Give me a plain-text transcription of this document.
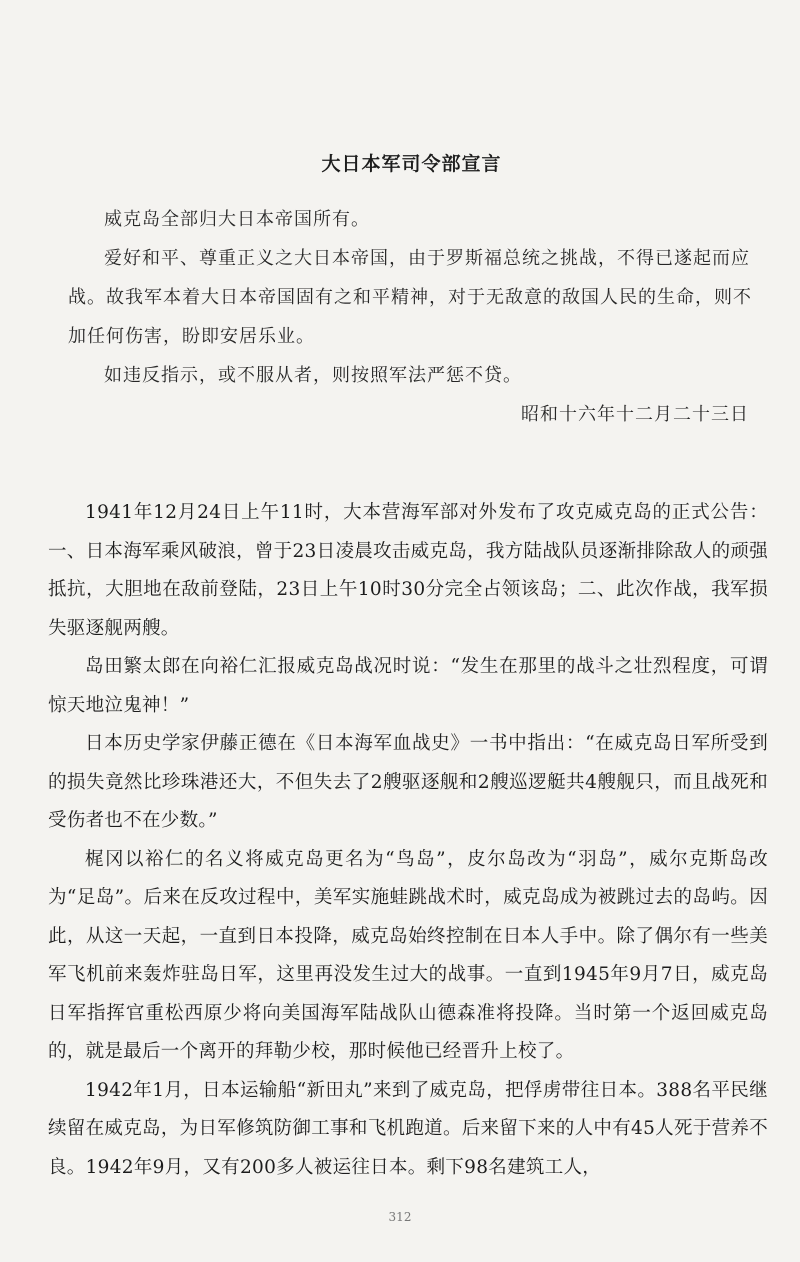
大日本军司令部宣言

威克岛全部归大日本帝国所有。

爱好和平、尊重正义之大日本帝国，由于罗斯福总统之挑战，不得已遂起而应战。故我军本着大日本帝国固有之和平精神，对于无敌意的敌国人民的生命，则不加任何伤害，盼即安居乐业。

如违反指示，或不服从者，则按照军法严惩不贷。

昭和十六年十二月二十三日

1941年12月24日上午11时，大本营海军部对外发布了攻克威克岛的正式公告：一、日本海军乘风破浪，曾于23日凌晨攻击威克岛，我方陆战队员逐渐排除敌人的顽强抵抗，大胆地在敌前登陆，23日上午10时30分完全占领该岛；二、此次作战，我军损失驱逐舰两艘。

岛田繁太郎在向裕仁汇报威克岛战况时说：“发生在那里的战斗之壮烈程度，可谓惊天地泣鬼神！”

日本历史学家伊藤正德在《日本海军血战史》一书中指出：“在威克岛日军所受到的损失竟然比珍珠港还大，不但失去了2艘驱逐舰和2艘巡逻艇共4艘舰只，而且战死和受伤者也不在少数。”

梶冈以裕仁的名义将威克岛更名为“鸟岛”，皮尔岛改为“羽岛”，威尔克斯岛改为“足岛”。后来在反攻过程中，美军实施蛙跳战术时，威克岛成为被跳过去的岛屿。因此，从这一天起，一直到日本投降，威克岛始终控制在日本人手中。除了偶尔有一些美军飞机前来轰炸驻岛日军，这里再没发生过大的战事。一直到1945年9月7日，威克岛日军指挥官重松西原少将向美国海军陆战队山德森准将投降。当时第一个返回威克岛的，就是最后一个离开的拜勒少校，那时候他已经晋升上校了。

1942年1月，日本运输船“新田丸”来到了威克岛，把俘虏带往日本。388名平民继续留在威克岛，为日军修筑防御工事和飞机跑道。后来留下来的人中有45人死于营养不良。1942年9月，又有200多人被运往日本。剩下98名建筑工人，

312
